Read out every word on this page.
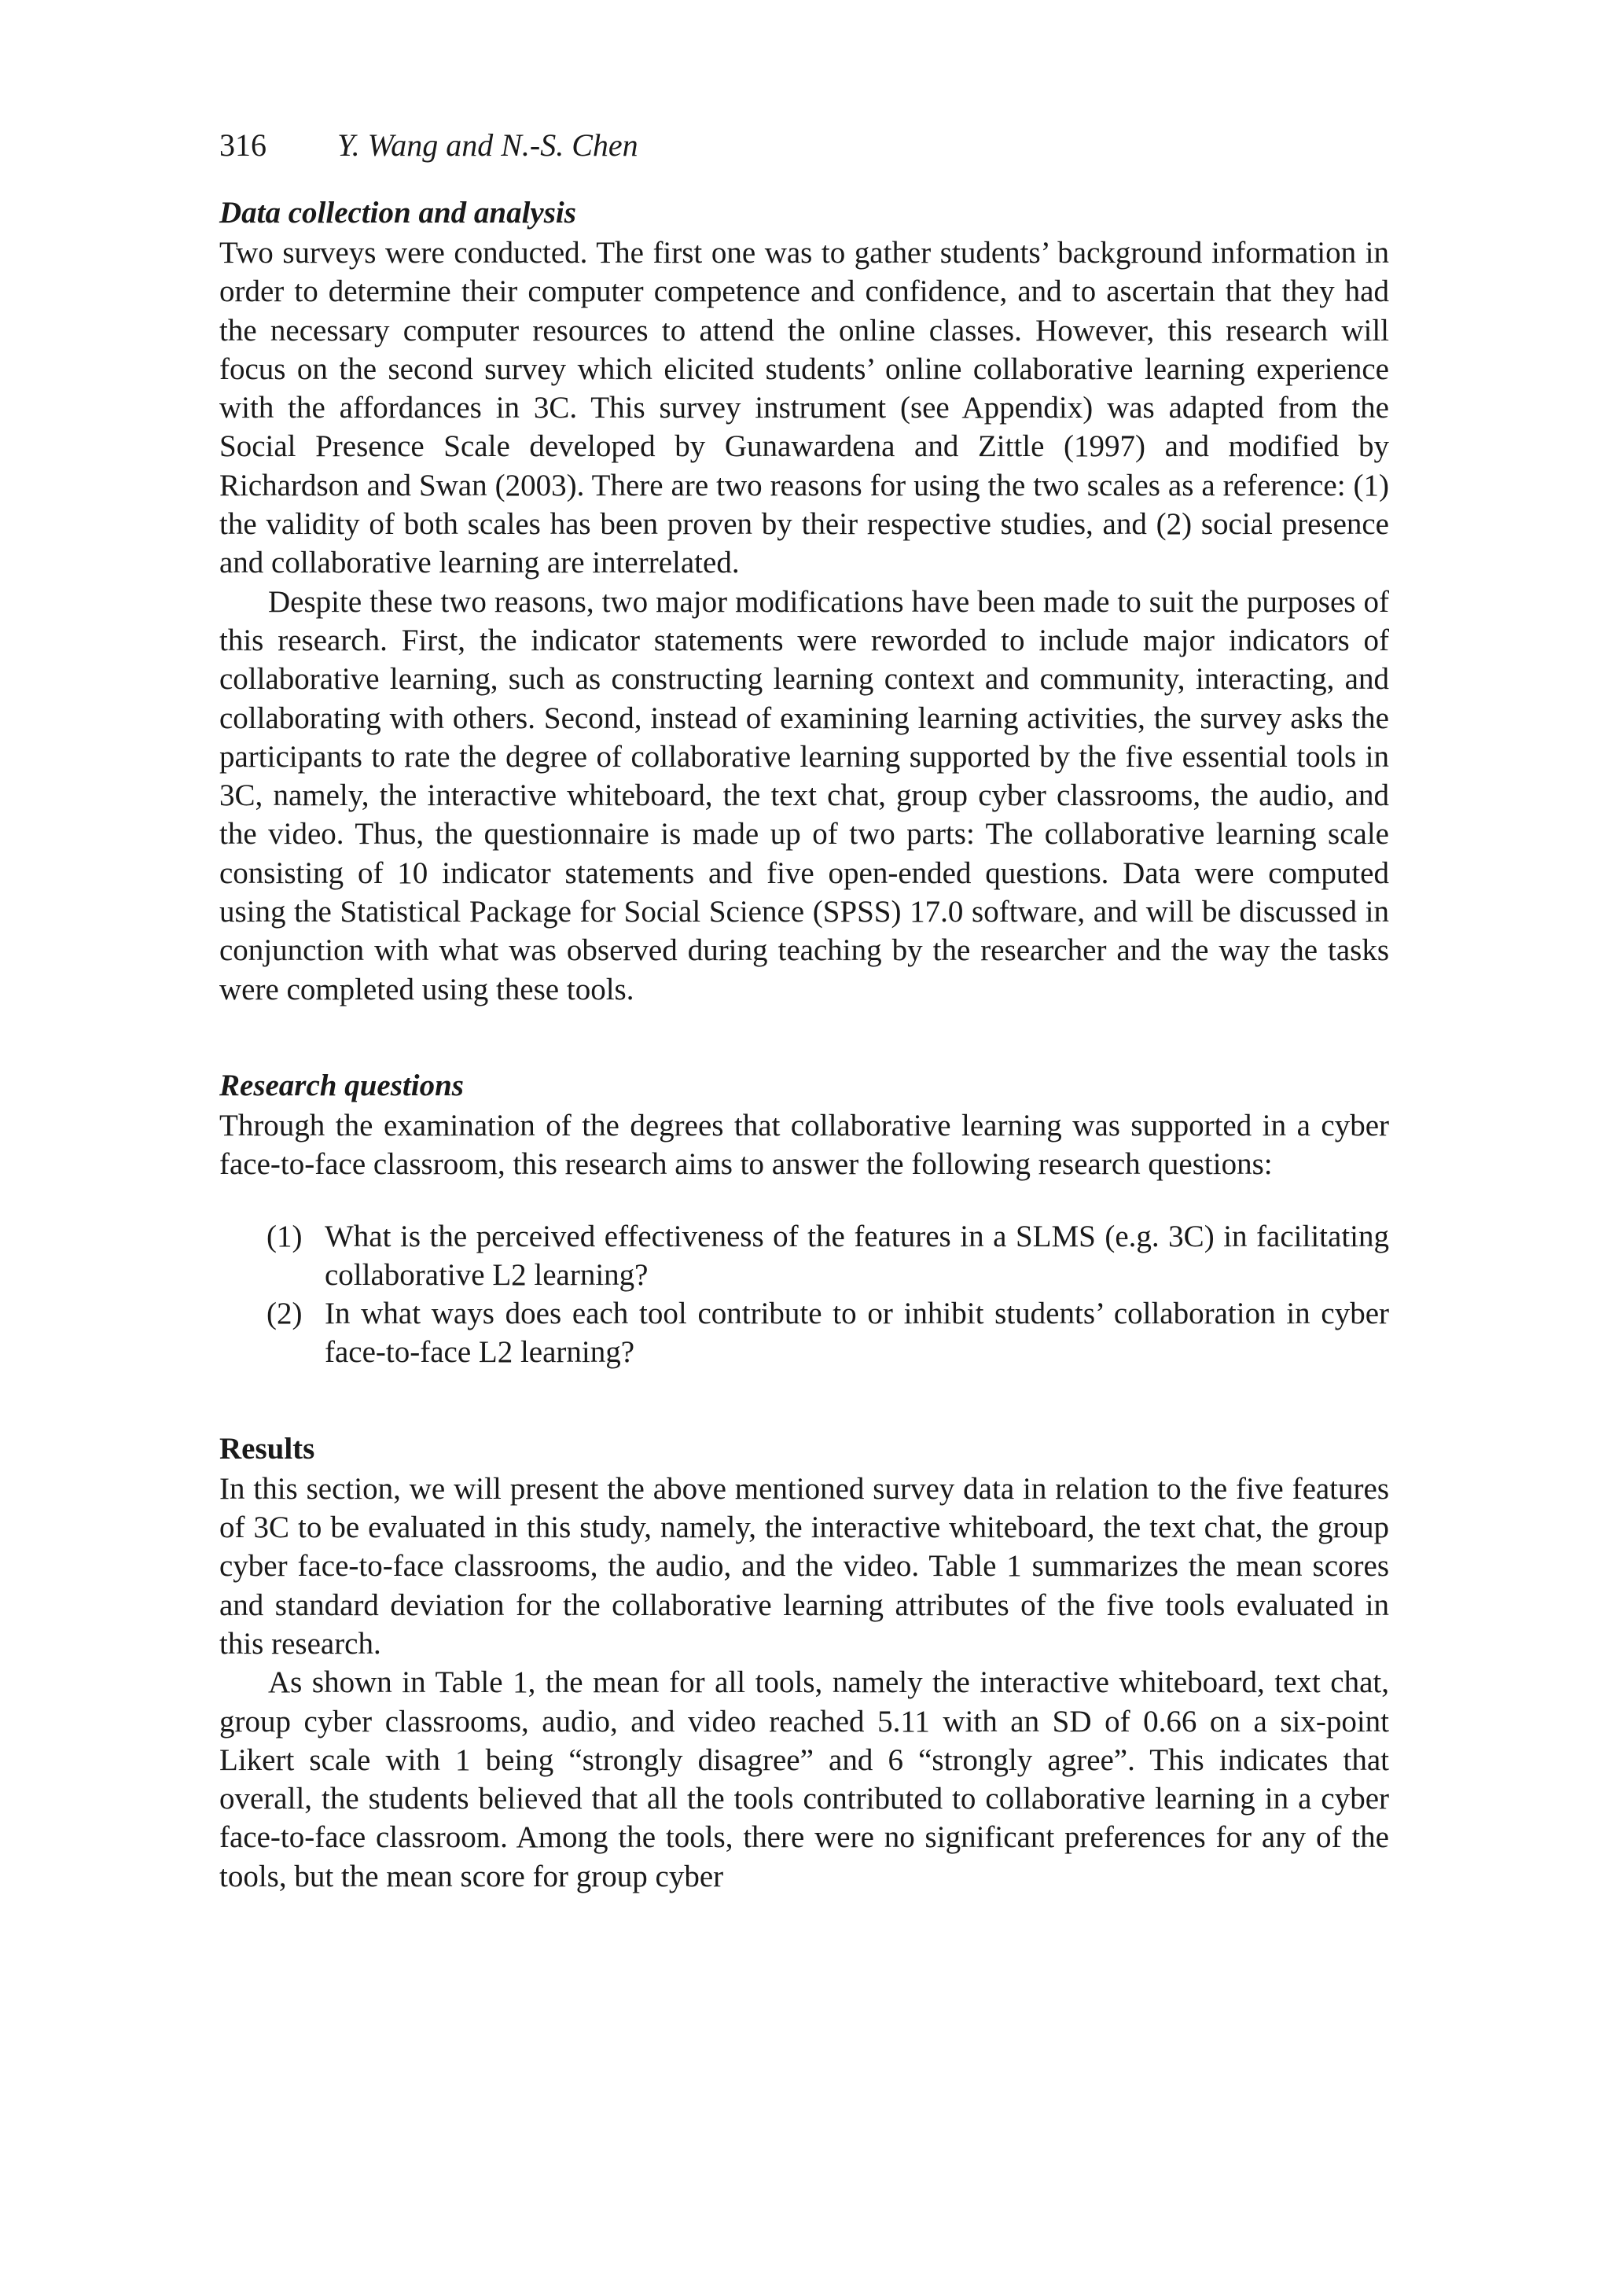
316 Y. Wang and N.-S. Chen
Data collection and analysis

Two surveys were conducted. The first one was to gather students’ background information in order to determine their computer competence and confidence, and to ascertain that they had the necessary computer resources to attend the online classes. However, this research will focus on the second survey which elicited students’ online collaborative learning experience with the affordances in 3C. This survey instrument (see Appendix) was adapted from the Social Presence Scale developed by Gunawardena and Zittle (1997) and modified by Richardson and Swan (2003). There are two reasons for using the two scales as a reference: (1) the validity of both scales has been proven by their respective studies, and (2) social presence and collaborative learning are interrelated.

Despite these two reasons, two major modifications have been made to suit the purposes of this research. First, the indicator statements were reworded to include major indicators of collaborative learning, such as constructing learning context and community, interacting, and collaborating with others. Second, instead of examining learning activities, the survey asks the participants to rate the degree of collaborative learning supported by the five essential tools in 3C, namely, the interactive whiteboard, the text chat, group cyber classrooms, the audio, and the video. Thus, the questionnaire is made up of two parts: The collaborative learning scale consisting of 10 indicator statements and five open-ended questions. Data were computed using the Statistical Package for Social Science (SPSS) 17.0 software, and will be discussed in conjunction with what was observed during teaching by the researcher and the way the tasks were completed using these tools.

Research questions

Through the examination of the degrees that collaborative learning was supported in a cyber face-to-face classroom, this research aims to answer the following research questions:

(1) What is the perceived effectiveness of the features in a SLMS (e.g. 3C) in facilitating collaborative L2 learning?
(2) In what ways does each tool contribute to or inhibit students’ collaboration in cyber face-to-face L2 learning?
Results

In this section, we will present the above mentioned survey data in relation to the five features of 3C to be evaluated in this study, namely, the interactive whiteboard, the text chat, the group cyber face-to-face classrooms, the audio, and the video. Table 1 summarizes the mean scores and standard deviation for the collaborative learning attributes of the five tools evaluated in this research.

As shown in Table 1, the mean for all tools, namely the interactive whiteboard, text chat, group cyber classrooms, audio, and video reached 5.11 with an SD of 0.66 on a six-point Likert scale with 1 being “strongly disagree” and 6 “strongly agree”. This indicates that overall, the students believed that all the tools contributed to collaborative learning in a cyber face-to-face classroom. Among the tools, there were no significant preferences for any of the tools, but the mean score for group cyber
